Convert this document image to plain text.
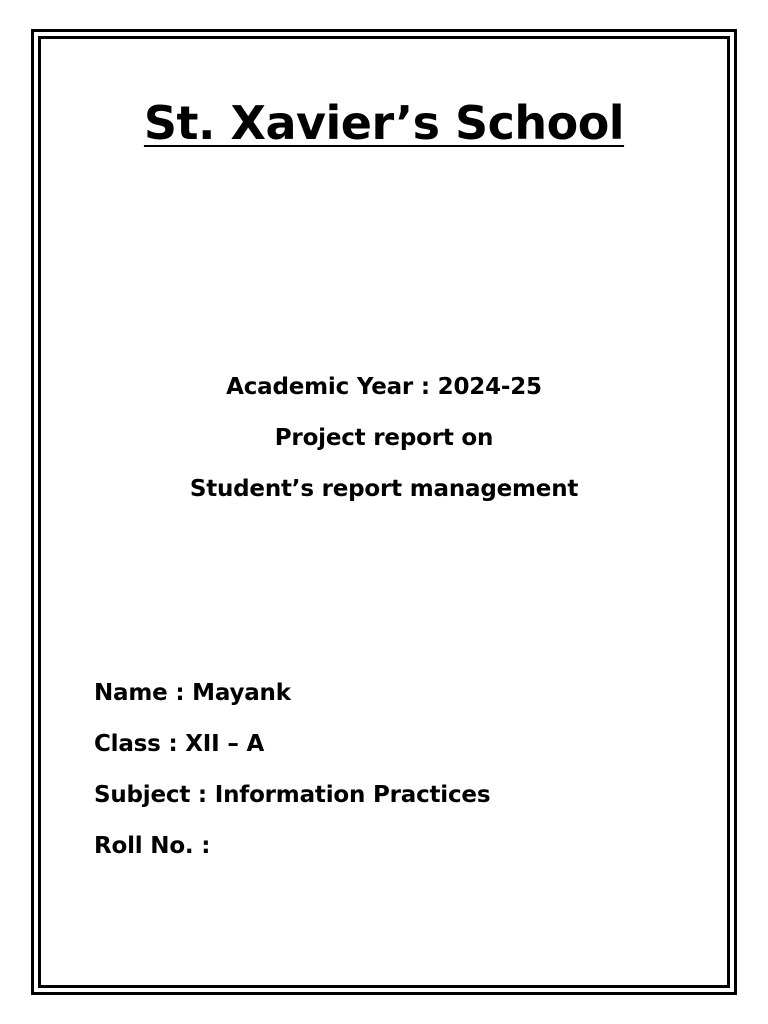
St. Xavier’s School
Academic Year : 2024-25
Project report on
Student’s report management
Name : Mayank
Class : XII – A
Subject : Information Practices
Roll No. :
